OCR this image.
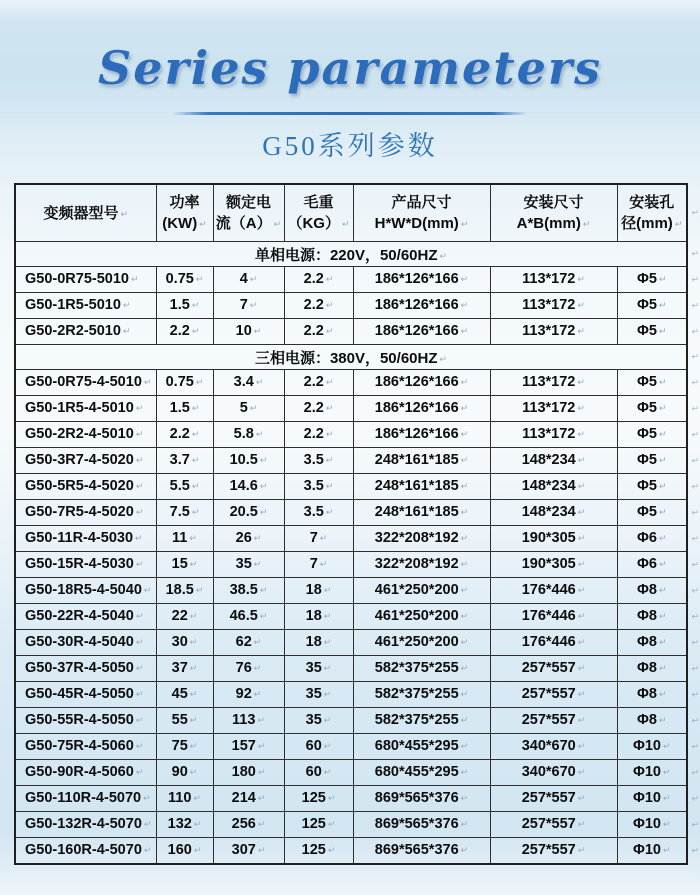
Series parameters
G50系列参数
变频器型号 ↵	功率
(KW) ↵	额定电
流（A） ↵	毛重
（KG） ↵	产品尺寸
H*W*D(mm) ↵	安装尺寸
A*B(mm) ↵	安装孔
径(mm) ↵
↵

单相电源：220V，50/60HZ ↵ ↵						

G50-0R75-5010 ↵	0.75 ↵	4 ↵	2.2 ↵	186*126*166 ↵	113*172 ↵	Φ5 ↵ ↵

G50-1R5-5010 ↵	1.5 ↵	7 ↵	2.2 ↵	186*126*166 ↵	113*172 ↵	Φ5 ↵ ↵

G50-2R2-5010 ↵	2.2 ↵	10 ↵	2.2 ↵	186*126*166 ↵	113*172 ↵	Φ5 ↵ ↵

三相电源：380V，50/60HZ ↵ ↵						

G50-0R75-4-5010 ↵	0.75 ↵	3.4 ↵	2.2 ↵	186*126*166 ↵	113*172 ↵	Φ5 ↵ ↵

G50-1R5-4-5010 ↵	1.5 ↵	5 ↵	2.2 ↵	186*126*166 ↵	113*172 ↵	Φ5 ↵ ↵

G50-2R2-4-5010 ↵	2.2 ↵	5.8 ↵	2.2 ↵	186*126*166 ↵	113*172 ↵	Φ5 ↵ ↵

G50-3R7-4-5020 ↵	3.7 ↵	10.5 ↵	3.5 ↵	248*161*185 ↵	148*234 ↵	Φ5 ↵ ↵

G50-5R5-4-5020 ↵	5.5 ↵	14.6 ↵	3.5 ↵	248*161*185 ↵	148*234 ↵	Φ5 ↵ ↵

G50-7R5-4-5020 ↵	7.5 ↵	20.5 ↵	3.5 ↵	248*161*185 ↵	148*234 ↵	Φ5 ↵ ↵

G50-11R-4-5030 ↵	11 ↵	26 ↵	7 ↵	322*208*192 ↵	190*305 ↵	Φ6 ↵ ↵

G50-15R-4-5030 ↵	15 ↵	35 ↵	7 ↵	322*208*192 ↵	190*305 ↵	Φ6 ↵ ↵

G50-18R5-4-5040 ↵	18.5 ↵	38.5 ↵	18 ↵	461*250*200 ↵	176*446 ↵	Φ8 ↵ ↵

G50-22R-4-5040 ↵	22 ↵	46.5 ↵	18 ↵	461*250*200 ↵	176*446 ↵	Φ8 ↵ ↵

G50-30R-4-5040 ↵	30 ↵	62 ↵	18 ↵	461*250*200 ↵	176*446 ↵	Φ8 ↵ ↵

G50-37R-4-5050 ↵	37 ↵	76 ↵	35 ↵	582*375*255 ↵	257*557 ↵	Φ8 ↵ ↵

G50-45R-4-5050 ↵	45 ↵	92 ↵	35 ↵	582*375*255 ↵	257*557 ↵	Φ8 ↵ ↵

G50-55R-4-5050 ↵	55 ↵	113 ↵	35 ↵	582*375*255 ↵	257*557 ↵	Φ8 ↵ ↵

G50-75R-4-5060 ↵	75 ↵	157 ↵	60 ↵	680*455*295 ↵	340*670 ↵	Φ10 ↵ ↵

G50-90R-4-5060 ↵	90 ↵	180 ↵	60 ↵	680*455*295 ↵	340*670 ↵	Φ10 ↵ ↵

G50-110R-4-5070 ↵	110 ↵	214 ↵	125 ↵	869*565*376 ↵	257*557 ↵	Φ10 ↵ ↵

G50-132R-4-5070 ↵	132 ↵	256 ↵	125 ↵	869*565*376 ↵	257*557 ↵	Φ10 ↵ ↵

G50-160R-4-5070 ↵	160 ↵	307 ↵	125 ↵	869*565*376 ↵	257*557 ↵	Φ10 ↵ ↵
